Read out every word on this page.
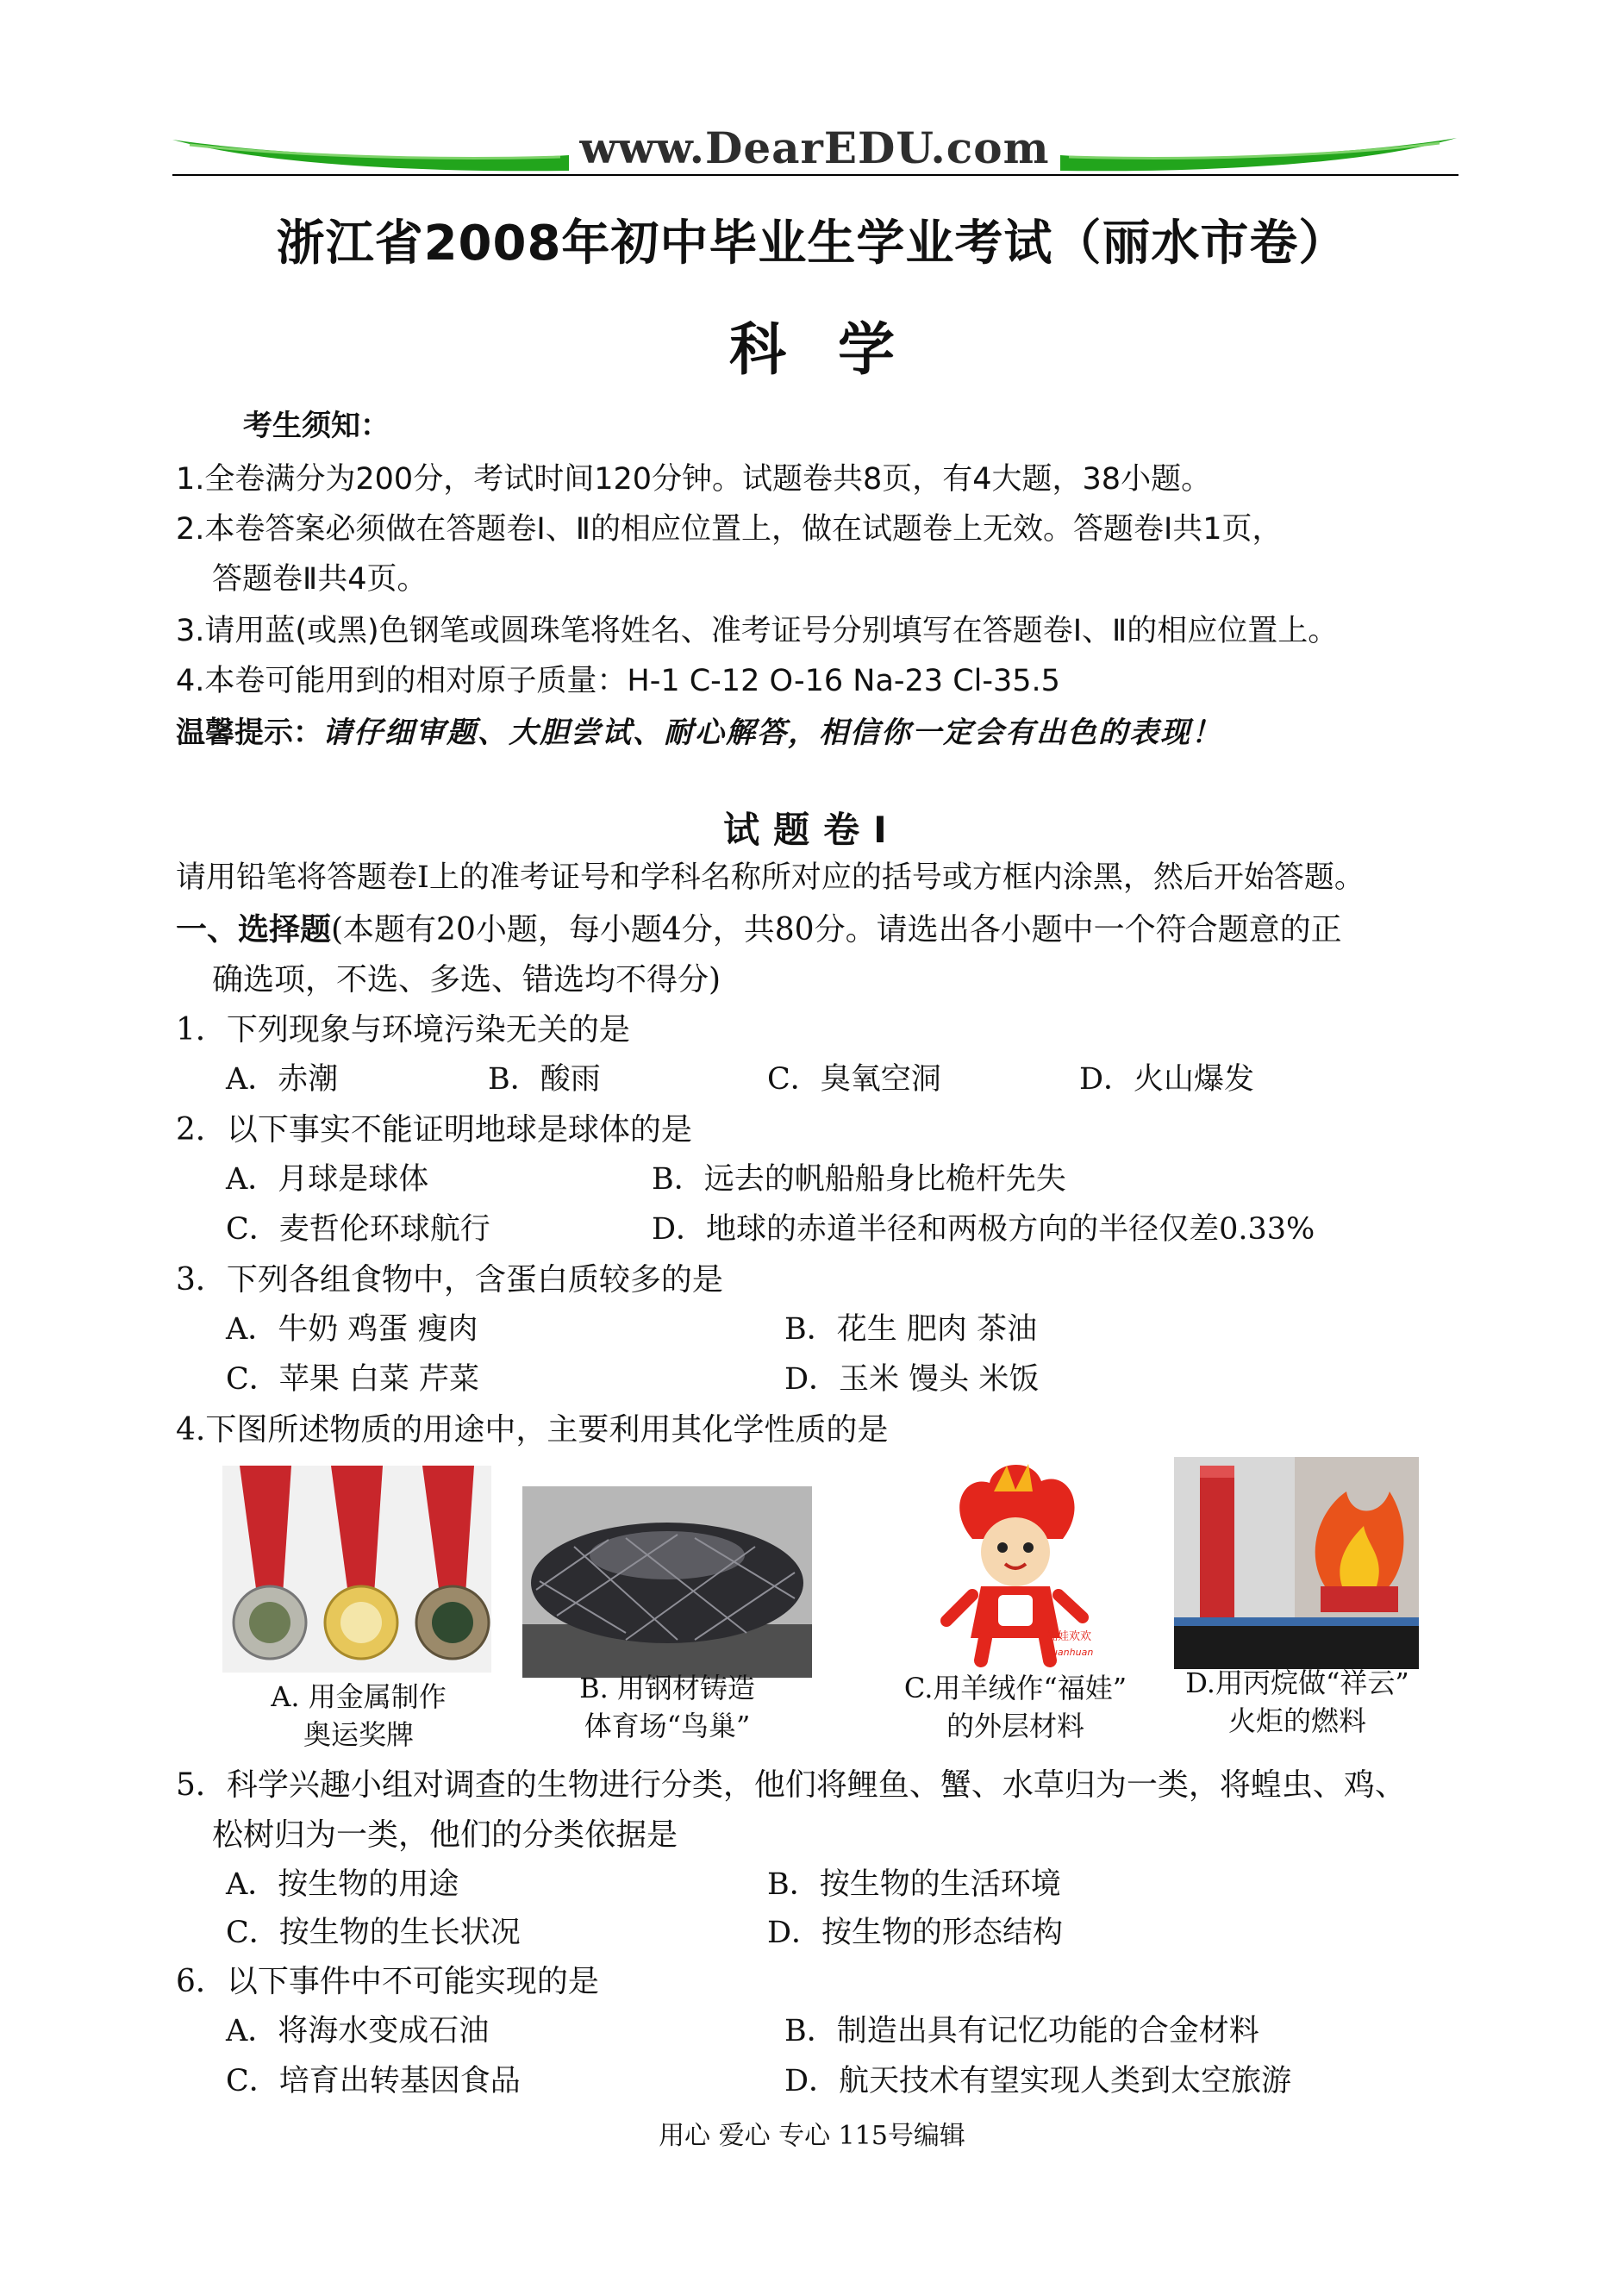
www.DearEDU.com
浙江省2008年初中毕业生学业考试（丽水市卷）
科学
考生须知：
1.全卷满分为200分，考试时间120分钟。试题卷共8页，有4大题，38小题。
2.本卷答案必须做在答题卷Ⅰ、Ⅱ的相应位置上，做在试题卷上无效。答题卷Ⅰ共1页，
答题卷Ⅱ共4页。
3.请用蓝(或黑)色钢笔或圆珠笔将姓名、准考证号分别填写在答题卷Ⅰ、Ⅱ的相应位置上。
4.本卷可能用到的相对原子质量：H-1 C-12 O-16 Na-23 Cl-35.5
温馨提示：请仔细审题、大胆尝试、耐心解答，相信你一定会有出色的表现！
试题卷Ⅰ
请用铅笔将答题卷Ⅰ上的准考证号和学科名称所对应的括号或方框内涂黑，然后开始答题。
一、选择题(本题有20小题，每小题4分，共80分。请选出各小题中一个符合题意的正
确选项，不选、多选、错选均不得分)
1．下列现象与环境污染无关的是
A．赤潮	B．酸雨	C．臭氧空洞	D．火山爆发
2．以下事实不能证明地球是球体的是
A．月球是球体	B．远去的帆船船身比桅杆先失
C．麦哲伦环球航行	D．地球的赤道半径和两极方向的半径仅差0.33%
3．下列各组食物中，含蛋白质较多的是
A．牛奶 鸡蛋 瘦肉	B．花生 肥肉 茶油
C．苹果 白菜 芹菜	D．玉米 馒头 米饭
4.下图所述物质的用途中，主要利用其化学性质的是
福娃欢欢
Huanhuan
A. 用金属制作
奥运奖牌
B. 用钢材铸造
体育场“鸟巢”
C.用羊绒作“福娃”
的外层材料
D.用丙烷做“祥云”
火炬的燃料
5．科学兴趣小组对调查的生物进行分类，他们将鲤鱼、蟹、水草归为一类，将蝗虫、鸡、
松树归为一类，他们的分类依据是
A．按生物的用途	B．按生物的生活环境
C．按生物的生长状况	D．按生物的形态结构
6．以下事件中不可能实现的是
A．将海水变成石油	B．制造出具有记忆功能的合金材料
C．培育出转基因食品	D．航天技术有望实现人类到太空旅游
用心 爱心 专心 115号编辑
